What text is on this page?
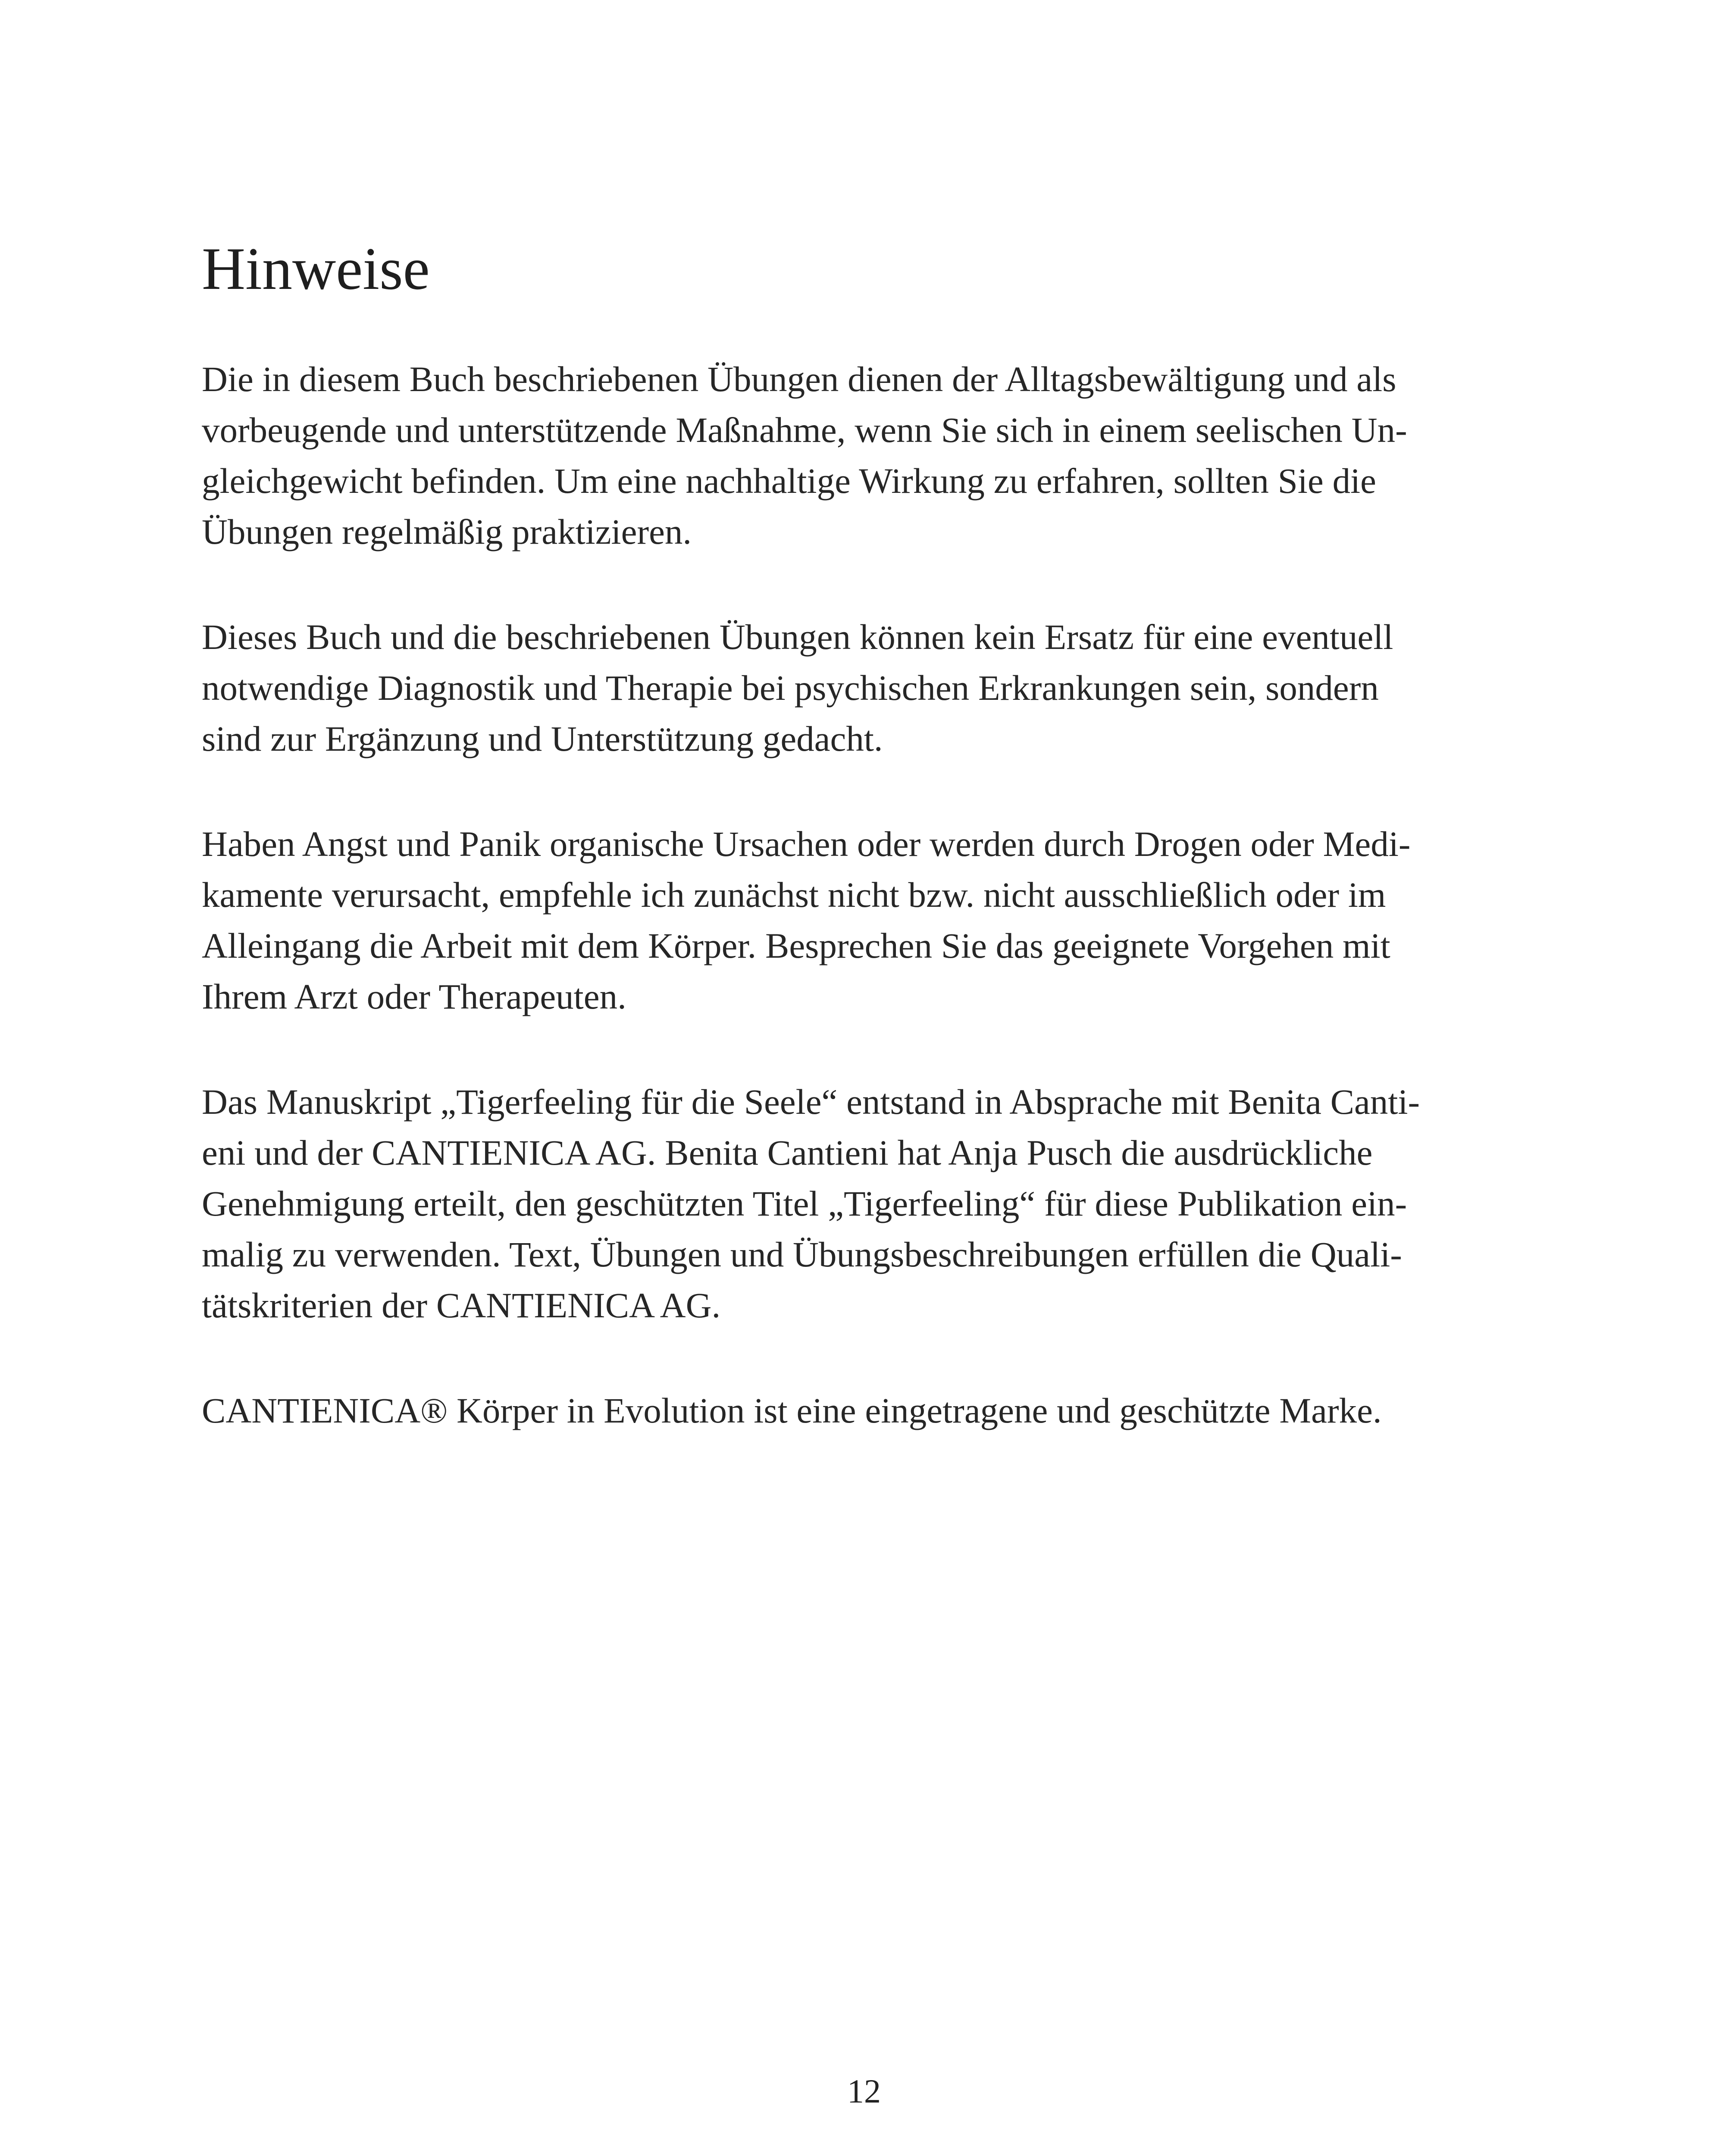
Hinweise

Die in diesem Buch beschriebenen Übungen dienen der Alltagsbewältigung und als
vorbeugende und unterstützende Maßnahme, wenn Sie sich in einem seelischen Un-
gleichgewicht befinden. Um eine nachhaltige Wirkung zu erfahren, sollten Sie die
Übungen regelmäßig praktizieren.

Dieses Buch und die beschriebenen Übungen können kein Ersatz für eine eventuell
notwendige Diagnostik und Therapie bei psychischen Erkrankungen sein, sondern
sind zur Ergänzung und Unterstützung gedacht.

Haben Angst und Panik organische Ursachen oder werden durch Drogen oder Medi-
kamente verursacht, empfehle ich zunächst nicht bzw. nicht ausschließlich oder im
Alleingang die Arbeit mit dem Körper. Besprechen Sie das geeignete Vorgehen mit
Ihrem Arzt oder Therapeuten.

Das Manuskript „Tigerfeeling für die Seele“ entstand in Absprache mit Benita Canti-
eni und der CANTIENICA AG. Benita Cantieni hat Anja Pusch die ausdrückliche
Genehmigung erteilt, den geschützten Titel „Tigerfeeling“ für diese Publikation ein-
malig zu verwenden. Text, Übungen und Übungsbeschreibungen erfüllen die Quali-
tätskriterien der CANTIENICA AG.

CANTIENICA® Körper in Evolution ist eine eingetragene und geschützte Marke.

12
